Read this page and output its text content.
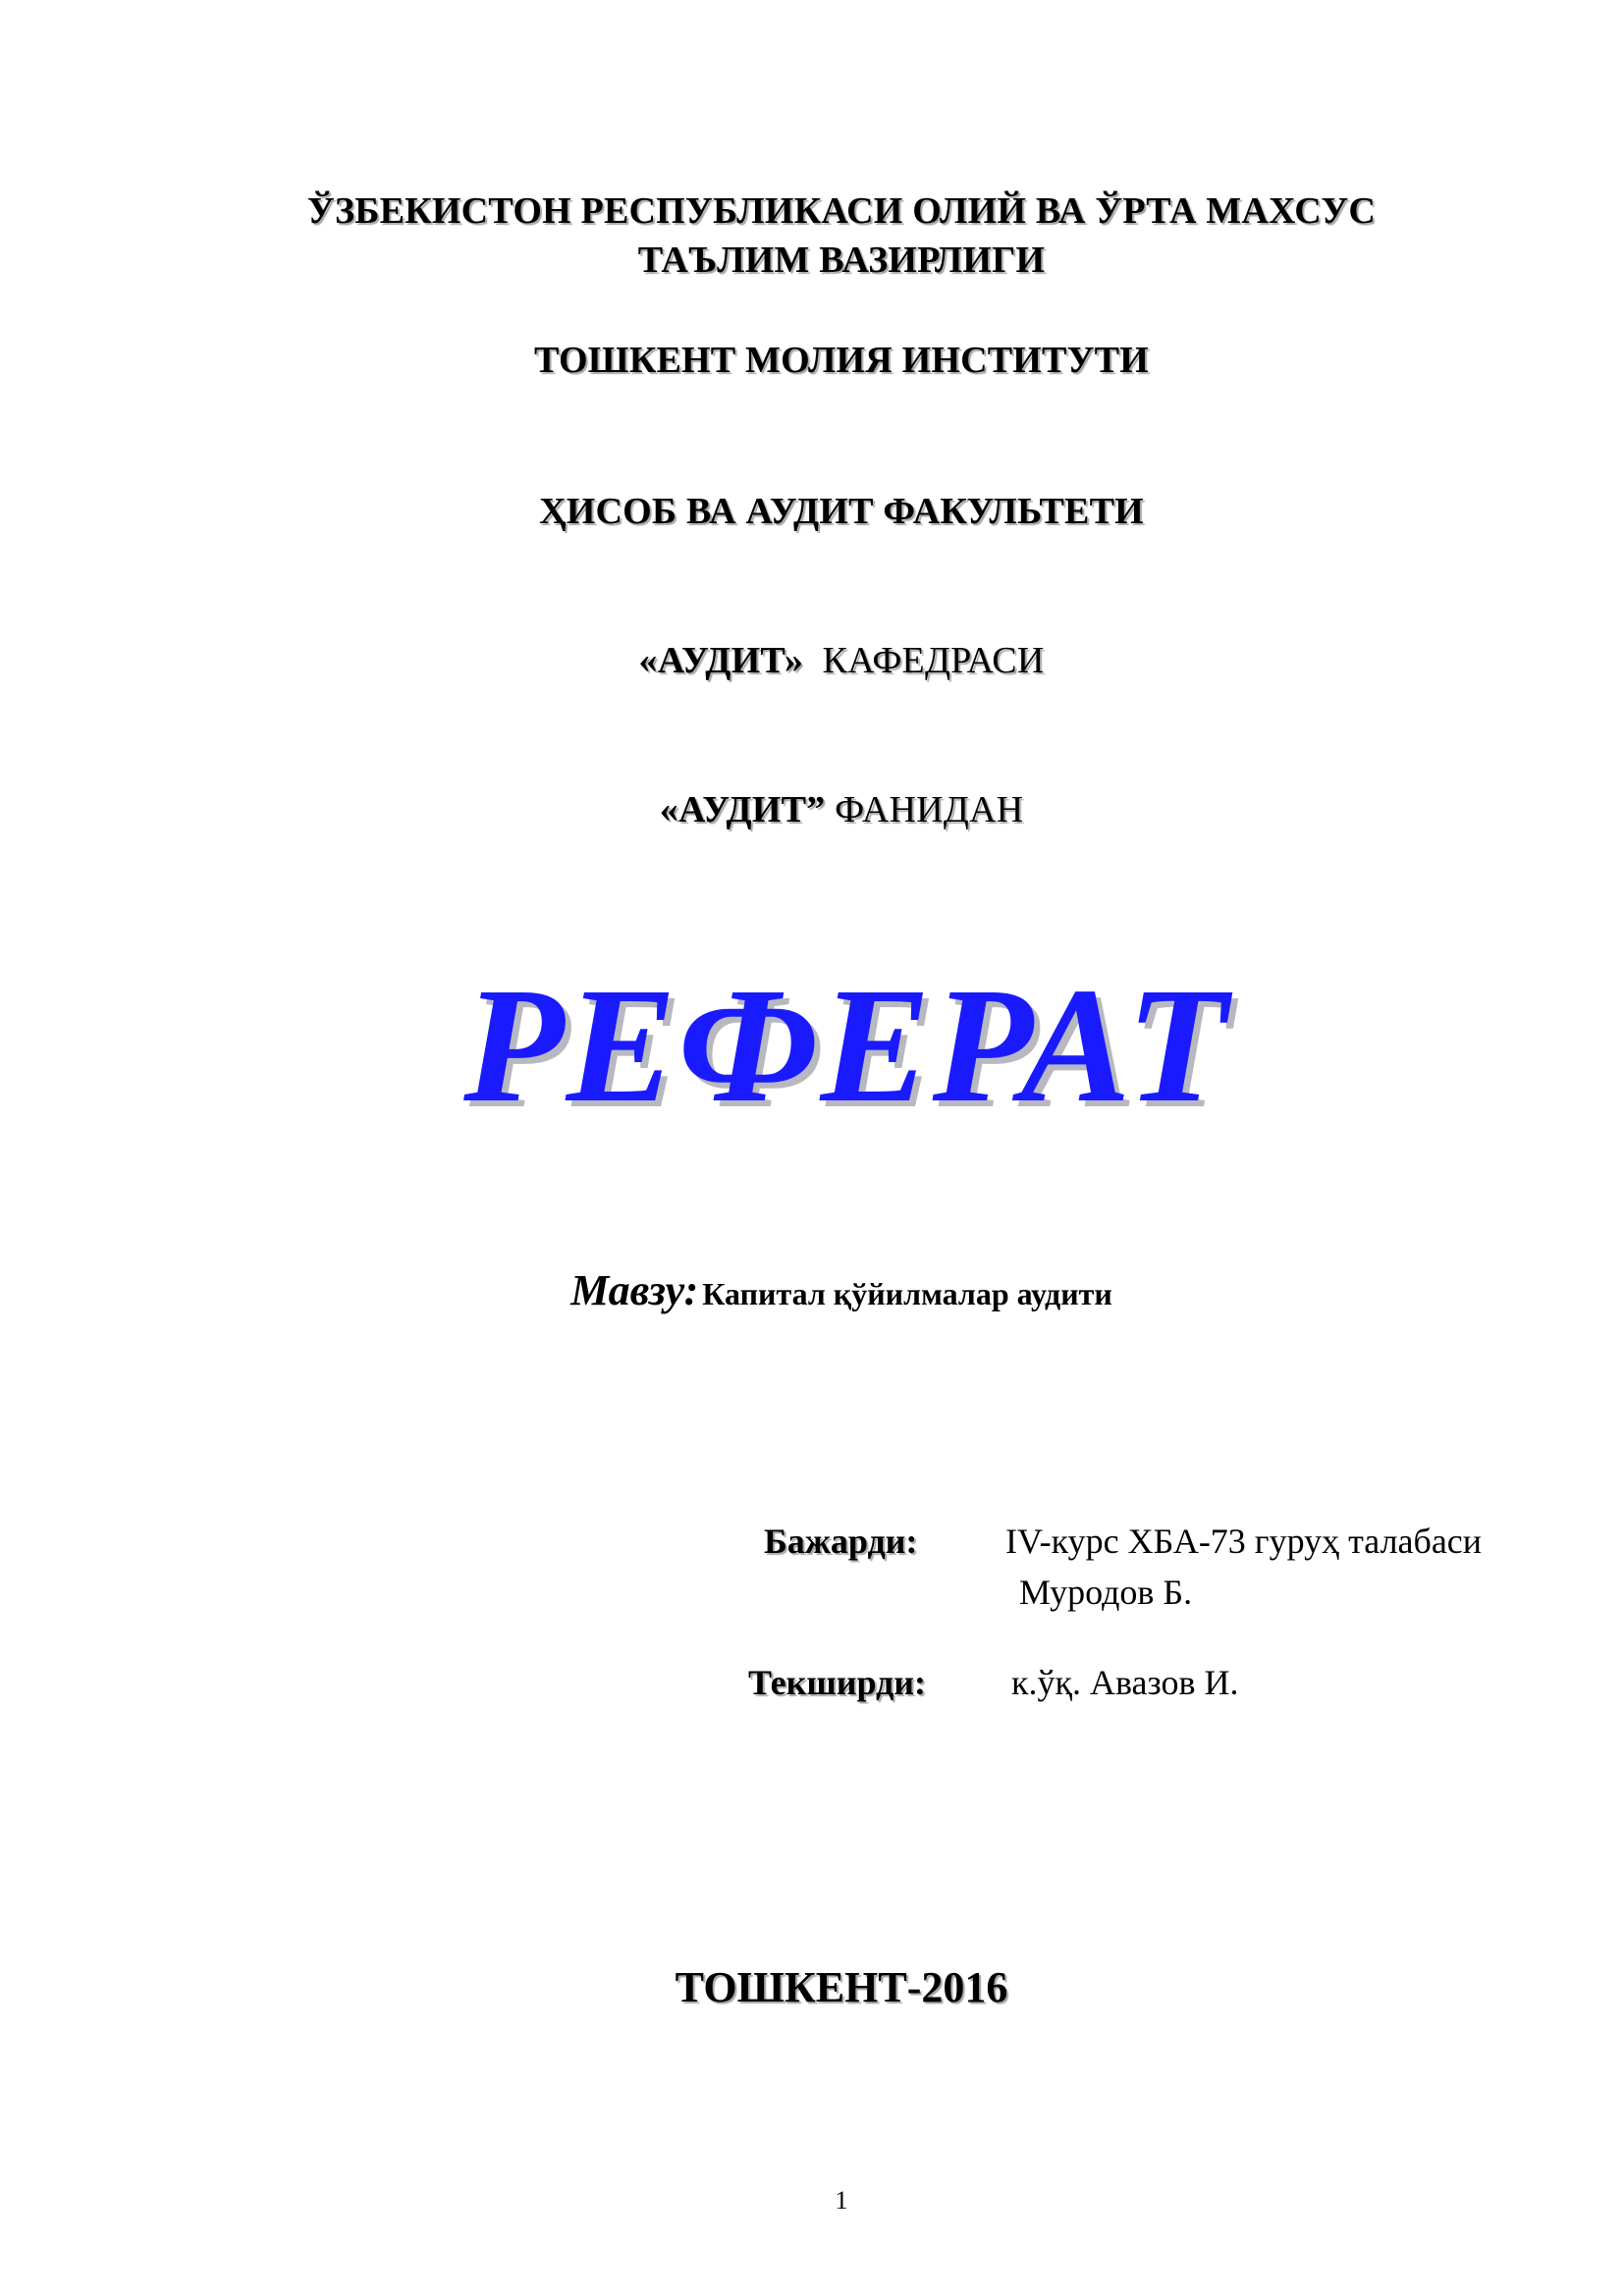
ЎЗБЕКИСТОН РЕСПУБЛИКАСИ ОЛИЙ ВА ЎРТА МАХСУС
ТАЪЛИМ ВАЗИРЛИГИ

ТОШКЕНТ МОЛИЯ ИНСТИТУТИ

ҲИСОБ ВА АУДИТ ФАКУЛЬТЕТИ

«АУДИТ» КАФЕДРАСИ

«АУДИТ” ФАНИДАН

РЕФЕРАТ

Мавзу: Капитал қўйилмалар аудити

Бажарди: IV-курс ХБА-73 гуруҳ талабаси
Муродов Б.
Текширди: к.ўқ. Авазов И.

ТОШКЕНТ-2016

1
